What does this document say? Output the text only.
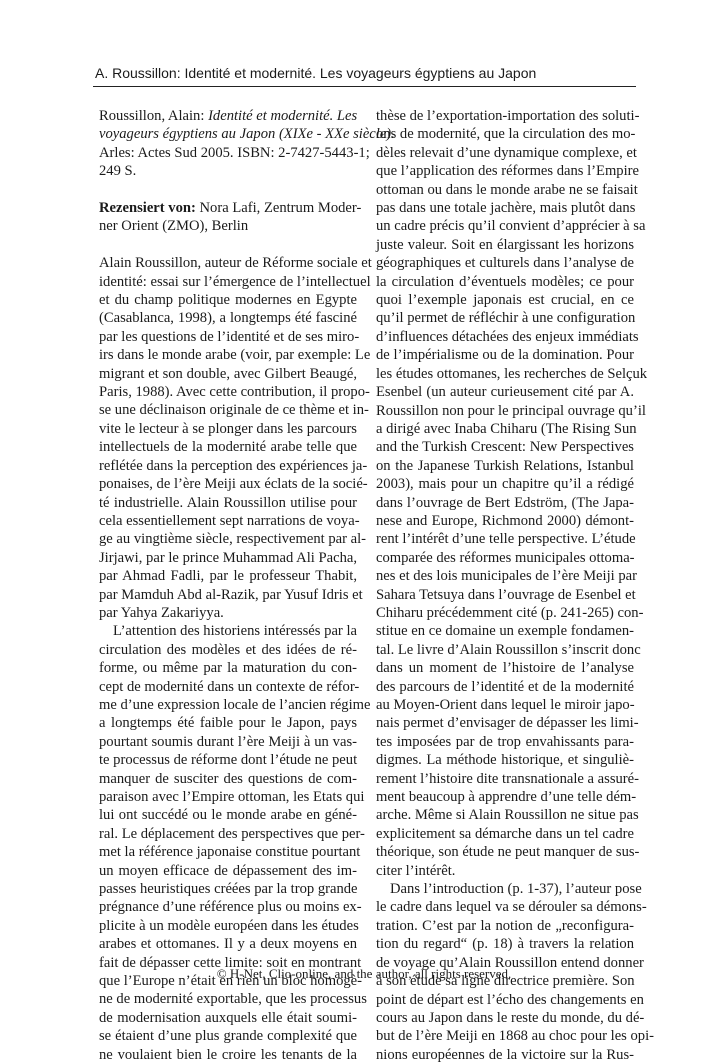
A. Roussillon: Identité et modernité. Les voyageurs égyptiens au Japon
Roussillon, Alain: Identité et modernité. Les
voyageurs égyptiens au Japon (XIXe - XXe siècle).
Arles: Actes Sud 2005. ISBN: 2-7427-5443-1;
249 S.
Rezensiert von: Nora Lafi, Zentrum Moder-
ner Orient (ZMO), Berlin
Alain Roussillon, auteur de Réforme sociale et
identité: essai sur l’émergence de l’intellectuel
et du champ politique modernes en Egypte
(Casablanca, 1998), a longtemps été fasciné
par les questions de l’identité et de ses miro-
irs dans le monde arabe (voir, par exemple: Le
migrant et son double, avec Gilbert Beaugé,
Paris, 1988). Avec cette contribution, il propo-
se une déclinaison originale de ce thème et in-
vite le lecteur à se plonger dans les parcours
intellectuels de la modernité arabe telle que
reflétée dans la perception des expériences ja-
ponaises, de l’ère Meiji aux éclats de la socié-
té industrielle. Alain Roussillon utilise pour
cela essentiellement sept narrations de voya-
ge au vingtième siècle, respectivement par al-
Jirjawi, par le prince Muhammad Ali Pacha,
par Ahmad Fadli, par le professeur Thabit,
par Mamduh Abd al-Razik, par Yusuf Idris et
par Yahya Zakariyya.
L’attention des historiens intéressés par la
circulation des modèles et des idées de ré-
forme, ou même par la maturation du con-
cept de modernité dans un contexte de réfor-
me d’une expression locale de l’ancien régime
a longtemps été faible pour le Japon, pays
pourtant soumis durant l’ère Meiji à un vas-
te processus de réforme dont l’étude ne peut
manquer de susciter des questions de com-
paraison avec l’Empire ottoman, les Etats qui
lui ont succédé ou le monde arabe en géné-
ral. Le déplacement des perspectives que per-
met la référence japonaise constitue pourtant
un moyen efficace de dépassement des im-
passes heuristiques créées par la trop grande
prégnance d’une référence plus ou moins ex-
plicite à un modèle européen dans les études
arabes et ottomanes. Il y a deux moyens en
fait de dépasser cette limite: soit en montrant
que l’Europe n’était en rien un bloc homogè-
ne de modernité exportable, que les processus
de modernisation auxquels elle était soumi-
se étaient d’une plus grande complexité que
ne voulaient bien le croire les tenants de la
thèse de l’exportation-importation des soluti-
ons de modernité, que la circulation des mo-
dèles relevait d’une dynamique complexe, et
que l’application des réformes dans l’Empire
ottoman ou dans le monde arabe ne se faisait
pas dans une totale jachère, mais plutôt dans
un cadre précis qu’il convient d’apprécier à sa
juste valeur. Soit en élargissant les horizons
géographiques et culturels dans l’analyse de
la circulation d’éventuels modèles; ce pour
quoi l’exemple japonais est crucial, en ce
qu’il permet de réfléchir à une configuration
d’influences détachées des enjeux immédiats
de l’impérialisme ou de la domination. Pour
les études ottomanes, les recherches de Selçuk
Esenbel (un auteur curieusement cité par A.
Roussillon non pour le principal ouvrage qu’il
a dirigé avec Inaba Chiharu (The Rising Sun
and the Turkish Crescent: New Perspectives
on the Japanese Turkish Relations, Istanbul
2003), mais pour un chapitre qu’il a rédigé
dans l’ouvrage de Bert Edström, (The Japa-
nese and Europe, Richmond 2000) démont-
rent l’intérêt d’une telle perspective. L’étude
comparée des réformes municipales ottoma-
nes et des lois municipales de l’ère Meiji par
Sahara Tetsuya dans l’ouvrage de Esenbel et
Chiharu précédemment cité (p. 241-265) con-
stitue en ce domaine un exemple fondamen-
tal. Le livre d’Alain Roussillon s’inscrit donc
dans un moment de l’histoire de l’analyse
des parcours de l’identité et de la modernité
au Moyen-Orient dans lequel le miroir japo-
nais permet d’envisager de dépasser les limi-
tes imposées par de trop envahissants para-
digmes. La méthode historique, et singuliè-
rement l’histoire dite transnationale a assuré-
ment beaucoup à apprendre d’une telle dém-
arche. Même si Alain Roussillon ne situe pas
explicitement sa démarche dans un tel cadre
théorique, son étude ne peut manquer de sus-
citer l’intérêt.
Dans l’introduction (p. 1-37), l’auteur pose
le cadre dans lequel va se dérouler sa démons-
tration. C’est par la notion de „reconfigura-
tion du regard“ (p. 18) à travers la relation
de voyage qu’Alain Roussillon entend donner
à son étude sa ligne directrice première. Son
point de départ est l’écho des changements en
cours au Japon dans le reste du monde, du dé-
but de l’ère Meiji en 1868 au choc pour les opi-
nions européennes de la victoire sur la Rus-
© H-Net, Clio-online, and the author, all rights reserved.
